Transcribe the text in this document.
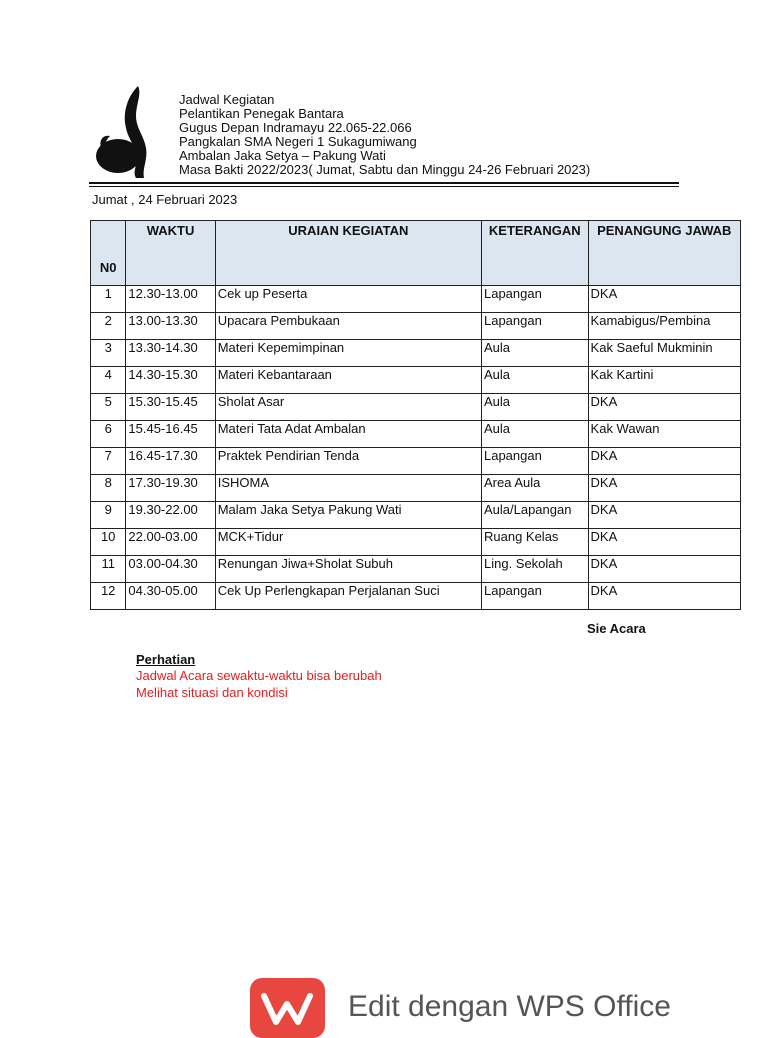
Jadwal Kegiatan
Pelantikan Penegak Bantara
Gugus Depan Indramayu 22.065-22.066
Pangkalan SMA Negeri 1 Sukagumiwang
Ambalan Jaka Setya – Pakung Wati
Masa Bakti 2022/2023( Jumat, Sabtu dan Minggu 24-26 Februari 2023)
Jumat , 24 Februari 2023
N0	WAKTU	URAIAN KEGIATAN	KETERANGAN	PENANGUNG JAWAB
1	12.30-13.00	Cek up Peserta	Lapangan	DKA
2	13.00-13.30	Upacara Pembukaan	Lapangan	Kamabigus/Pembina
3	13.30-14.30	Materi Kepemimpinan	Aula	Kak Saeful Mukminin
4	14.30-15.30	Materi Kebantaraan	Aula	Kak Kartini
5	15.30-15.45	Sholat Asar	Aula	DKA
6	15.45-16.45	Materi Tata Adat Ambalan	Aula	Kak Wawan
7	16.45-17.30	Praktek Pendirian Tenda	Lapangan	DKA
8	17.30-19.30	ISHOMA	Area Aula	DKA
9	19.30-22.00	Malam Jaka Setya Pakung Wati	Aula/Lapangan	DKA
10	22.00-03.00	MCK+Tidur	Ruang Kelas	DKA
11	03.00-04.30	Renungan Jiwa+Sholat Subuh	Ling. Sekolah	DKA
12	04.30-05.00	Cek Up Perlengkapan Perjalanan Suci	Lapangan	DKA
Sie Acara
Perhatian
Jadwal Acara sewaktu-waktu bisa berubah
Melihat situasi dan kondisi
Edit dengan WPS Office
